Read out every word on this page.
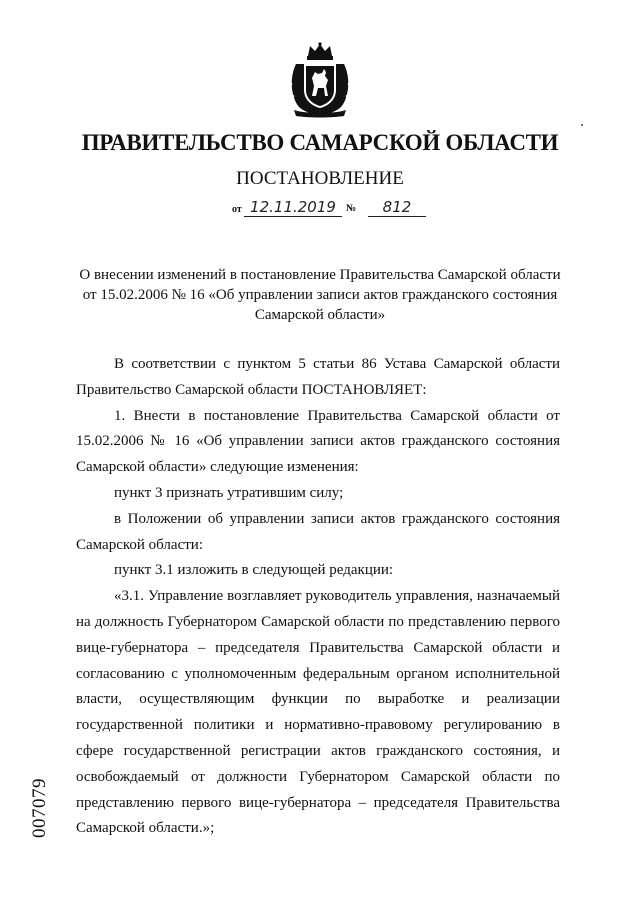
ПРАВИТЕЛЬСТВО САМАРСКОЙ ОБЛАСТИ
ПОСТАНОВЛЕНИЕ
от 12.11.2019	№	812
О внесении изменений в постановление Правительства Самарской области
от 15.02.2006 № 16 «Об управлении записи актов гражданского состояния
Самарской области»

В соответствии с пунктом 5 статьи 86 Устава Самарской области Правительство Самарской области ПОСТАНОВЛЯЕТ:

1. Внести в постановление Правительства Самарской области от 15.02.2006 № 16 «Об управлении записи актов гражданского состояния Самарской области» следующие изменения:

пункт 3 признать утратившим силу;

в Положении об управлении записи актов гражданского состояния Самарской области:

пункт 3.1 изложить в следующей редакции:

«3.1. Управление возглавляет руководитель управления, назначаемый на должность Губернатором Самарской области по представлению первого вице-губернатора – председателя Правительства Самарской области и согласованию с уполномоченным федеральным органом исполнительной власти, осуществляющим функции по выработке и реализации государственной политики и нормативно-правовому регулированию в сфере государственной регистрации актов гражданского состояния, и освобождаемый от должности Губернатором Самарской области по представлению первого вице-губернатора – председателя Правительства Самарской области.»;

007079
